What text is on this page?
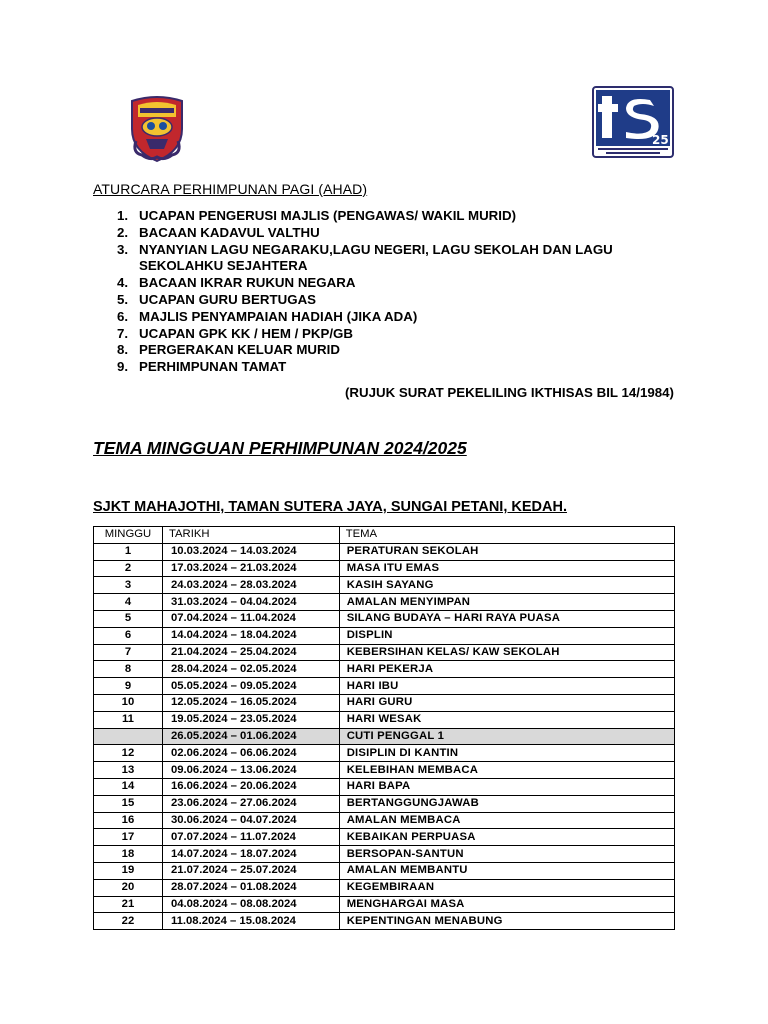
25
ATURCARA PERHIMPUNAN PAGI (AHAD)
1. UCAPAN PENGERUSI MAJLIS (PENGAWAS/ WAKIL MURID)
2. BACAAN KADAVUL VALTHU
3. NYANYIAN LAGU NEGARAKU,LAGU NEGERI, LAGU SEKOLAH DAN LAGU SEKOLAHKU SEJAHTERA
4. BACAAN IKRAR RUKUN NEGARA
5. UCAPAN GURU BERTUGAS
6. MAJLIS PENYAMPAIAN HADIAH (JIKA ADA)
7. UCAPAN GPK KK / HEM / PKP/GB
8. PERGERAKAN KELUAR MURID
9. PERHIMPUNAN TAMAT
(RUJUK SURAT PEKELILING IKTHISAS BIL 14/1984)
TEMA MINGGUAN PERHIMPUNAN 2024/2025
SJKT MAHAJOTHI, TAMAN SUTERA JAYA, SUNGAI PETANI, KEDAH.
MINGGU	TARIKH	TEMA
1	10.03.2024 – 14.03.2024	PERATURAN SEKOLAH
2	17.03.2024 – 21.03.2024	MASA ITU EMAS
3	24.03.2024 – 28.03.2024	KASIH SAYANG
4	31.03.2024 – 04.04.2024	AMALAN MENYIMPAN
5	07.04.2024 – 11.04.2024	SILANG BUDAYA – HARI RAYA PUASA
6	14.04.2024 – 18.04.2024	DISPLIN
7	21.04.2024 – 25.04.2024	KEBERSIHAN KELAS/ KAW SEKOLAH
8	28.04.2024 – 02.05.2024	HARI PEKERJA
9	05.05.2024 – 09.05.2024	HARI IBU
10	12.05.2024 – 16.05.2024	HARI GURU
11	19.05.2024 – 23.05.2024	HARI WESAK
	26.05.2024 – 01.06.2024	CUTI PENGGAL 1
12	02.06.2024 – 06.06.2024	DISIPLIN DI KANTIN
13	09.06.2024 – 13.06.2024	KELEBIHAN MEMBACA
14	16.06.2024 – 20.06.2024	HARI BAPA
15	23.06.2024 – 27.06.2024	BERTANGGUNGJAWAB
16	30.06.2024 – 04.07.2024	AMALAN MEMBACA
17	07.07.2024 – 11.07.2024	KEBAIKAN PERPUASA
18	14.07.2024 – 18.07.2024	BERSOPAN-SANTUN
19	21.07.2024 – 25.07.2024	AMALAN MEMBANTU
20	28.07.2024 – 01.08.2024	KEGEMBIRAAN
21	04.08.2024 – 08.08.2024	MENGHARGAI MASA
22	11.08.2024 – 15.08.2024	KEPENTINGAN MENABUNG
